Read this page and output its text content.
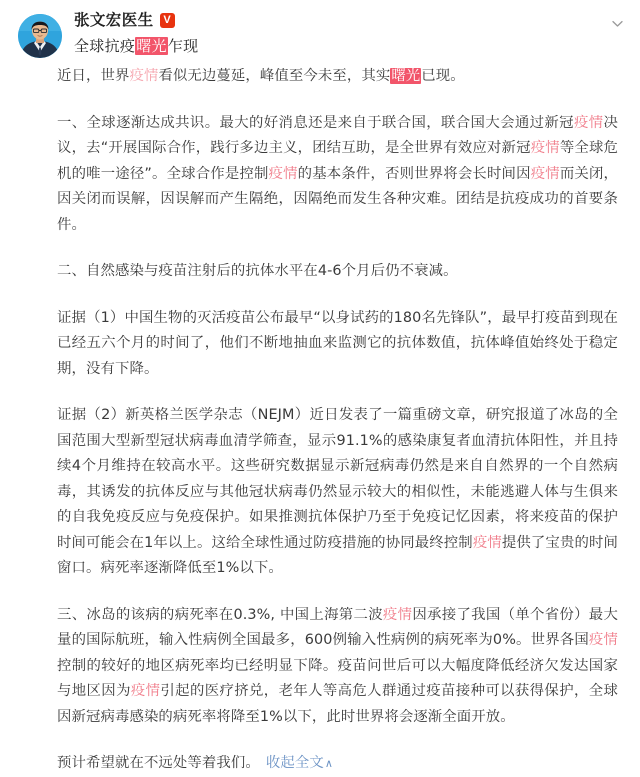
张文宏医生 V
全球抗疫曙光乍现

近日，世界疫情看似无边蔓延，峰值至今未至，其实曙光已现。

一、全球逐渐达成共识。最大的好消息还是来自于联合国，联合国大会通过新冠疫情决议，去“开展国际合作，践行多边主义，团结互助，是全世界有效应对新冠疫情等全球危机的唯一途径”。全球合作是控制疫情的基本条件，否则世界将会长时间因疫情而关闭，因关闭而误解，因误解而产生隔绝，因隔绝而发生各种灾难。团结是抗疫成功的首要条件。

二、自然感染与疫苗注射后的抗体水平在4-6个月后仍不衰减。

证据（1）中国生物的灭活疫苗公布最早“以身试药的180名先锋队”，最早打疫苗到现在已经五六个月的时间了，他们不断地抽血来监测它的抗体数值，抗体峰值始终处于稳定期，没有下降。

证据（2）新英格兰医学杂志（NEJM）近日发表了一篇重磅文章，研究报道了冰岛的全国范围大型新型冠状病毒血清学筛查，显示91.1%的感染康复者血清抗体阳性，并且持续4个月维持在较高水平。这些研究数据显示新冠病毒仍然是来自自然界的一个自然病毒，其诱发的抗体反应与其他冠状病毒仍然显示较大的相似性，未能逃避人体与生俱来的自我免疫反应与免疫保护。如果推测抗体保护乃至于免疫记忆因素，将来疫苗的保护时间可能会在1年以上。这给全球性通过防疫措施的协同最终控制疫情提供了宝贵的时间窗口。病死率逐渐降低至1%以下。

三、冰岛的该病的病死率在0.3%, 中国上海第二波疫情因承接了我国（单个省份）最大量的国际航班，输入性病例全国最多，600例输入性病例的病死率为0%。世界各国疫情控制的较好的地区病死率均已经明显下降。疫苗问世后可以大幅度降低经济欠发达国家与地区因为疫情引起的医疗挤兑，老年人等高危人群通过疫苗接种可以获得保护，全球因新冠病毒感染的病死率将降至1%以下，此时世界将会逐渐全面开放。

预计希望就在不远处等着我们。 收起全文∧
